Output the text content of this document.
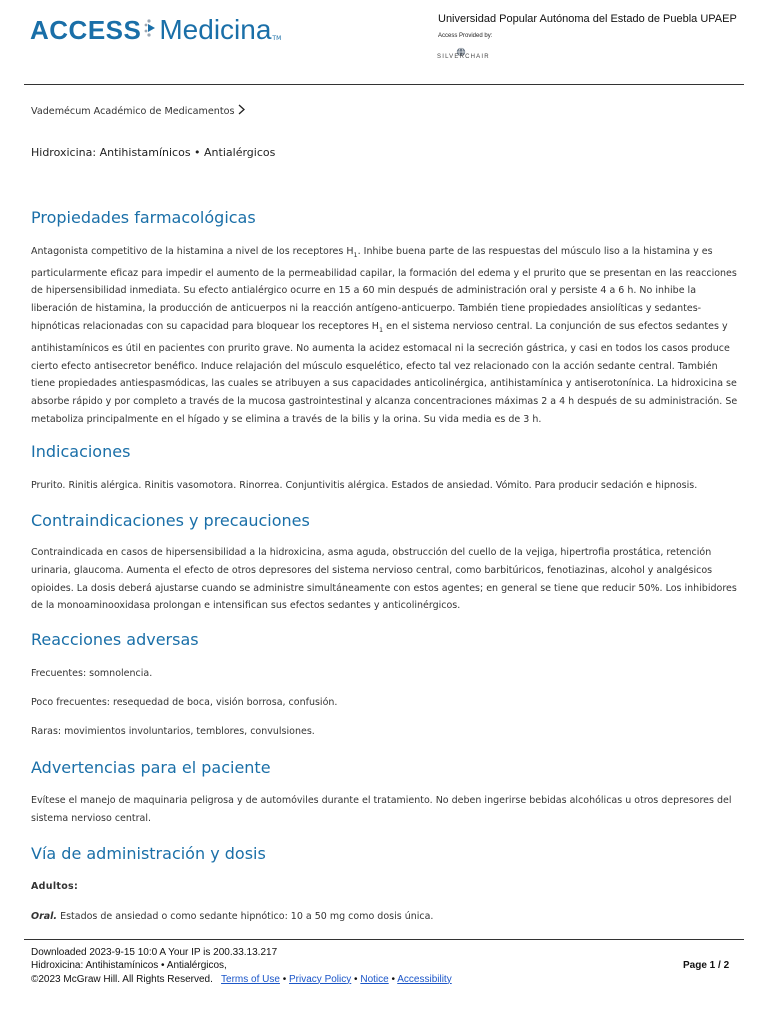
ACCESS Medicina TM
Universidad Popular Autónoma del Estado de Puebla UPAEP
Access Provided by:
SILVERCHAIR
Vademécum Académico de Medicamentos
Hidroxicina: Antihistamínicos • Antialérgicos
Propiedades farmacológicas

Antagonista competitivo de la histamina a nivel de los receptores $H_1$. Inhibe buena parte de las respuestas del músculo liso a la histamina y es
particularmente eficaz para impedir el aumento de la permeabilidad capilar, la formación del edema y el prurito que se presentan en las reacciones de hipersensibilidad inmediata. Su efecto antialérgico ocurre en 15 a 60 min después de administración oral y persiste 4 a 6 h. No inhibe la liberación de histamina, la producción de anticuerpos ni la reacción antígeno-anticuerpo. También tiene propiedades ansiolíticas y sedantes-hipnóticas relacionadas con su capacidad para bloquear los receptores $H_1$ en el sistema nervioso central. La conjunción de sus efectos sedantes y antihistamínicos es útil en pacientes con prurito grave. No aumenta la acidez estomacal ni la secreción gástrica, y casi en todos los casos produce cierto efecto antisecretor benéfico. Induce relajación del músculo esquelético, efecto tal vez relacionado con la acción sedante central. También tiene propiedades antiespasmódicas, las cuales se atribuyen a sus capacidades anticolinérgica, antihistamínica y antiserotonínica. La hidroxicina se absorbe rápido y por completo a través de la mucosa gastrointestinal y alcanza concentraciones máximas 2 a 4 h después de su administración. Se metaboliza principalmente en el hígado y se elimina a través de la bilis y la orina. Su vida media es de 3 h.

Indicaciones

Prurito. Rinitis alérgica. Rinitis vasomotora. Rinorrea. Conjuntivitis alérgica. Estados de ansiedad. Vómito. Para producir sedación e hipnosis.

Contraindicaciones y precauciones

Contraindicada en casos de hipersensibilidad a la hidroxicina, asma aguda, obstrucción del cuello de la vejiga, hipertrofia prostática, retención urinaria, glaucoma. Aumenta el efecto de otros depresores del sistema nervioso central, como barbitúricos, fenotiazinas, alcohol y analgésicos opioides. La dosis deberá ajustarse cuando se administre simultáneamente con estos agentes; en general se tiene que reducir 50%. Los inhibidores de la monoaminooxidasa prolongan e intensifican sus efectos sedantes y anticolinérgicos.

Reacciones adversas

Frecuentes: somnolencia.

Poco frecuentes: resequedad de boca, visión borrosa, confusión.

Raras: movimientos involuntarios, temblores, convulsiones.

Advertencias para el paciente

Evítese el manejo de maquinaria peligrosa y de automóviles durante el tratamiento. No deben ingerirse bebidas alcohólicas u otros depresores del sistema nervioso central.

Vía de administración y dosis

Adultos:

Oral. Estados de ansiedad o como sedante hipnótico: 10 a 50 mg como dosis única.

Downloaded 2023-9-15 10:0 A Your IP is 200.33.13.217
Hidroxicina: Antihistamínicos • Antialérgicos,
©2023 McGraw Hill. All Rights Reserved. Terms of Use • Privacy Policy • Notice • Accessibility
Page 1 / 2
